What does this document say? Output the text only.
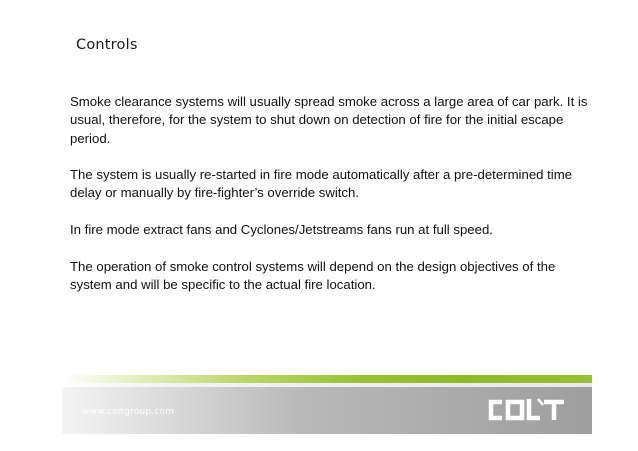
Controls

Smoke clearance systems will usually spread smoke across a large area of car park. It is usual, therefore, for the system to shut down on detection of fire for the initial escape period.

The system is usually re-started in fire mode automatically after a pre-determined time delay or manually by fire-fighter’s override switch.

In fire mode extract fans and Cyclones/Jetstreams fans run at full speed.

The operation of smoke control systems will depend on the design objectives of the system and will be specific to the actual fire location.

www.coltgroup.com
